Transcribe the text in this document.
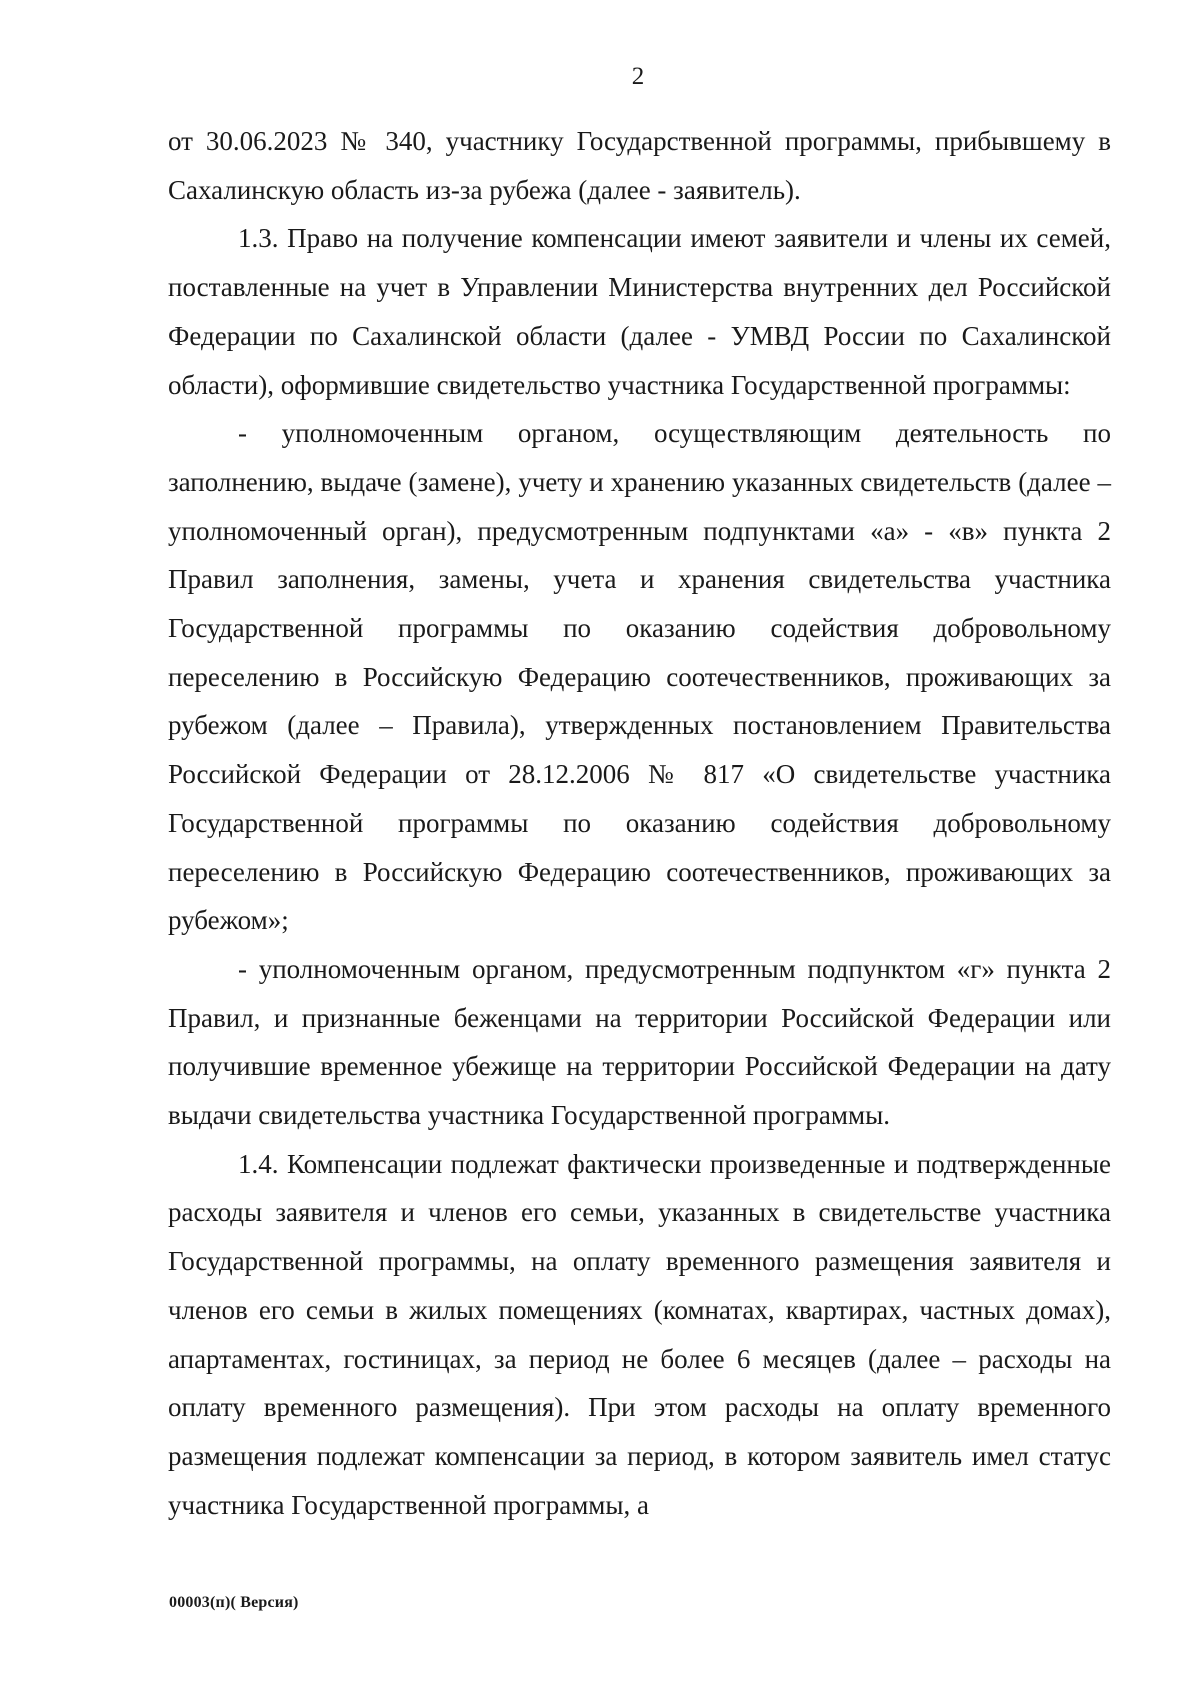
2

от 30.06.2023 № 340, участнику Государственной программы, прибывшему в Сахалинскую область из-за рубежа (далее - заявитель).

1.3. Право на получение компенсации имеют заявители и члены их семей, поставленные на учет в Управлении Министерства внутренних дел Российской Федерации по Сахалинской области (далее - УМВД России по Сахалинской области), оформившие свидетельство участника Государственной программы:

- уполномоченным органом, осуществляющим деятельность по заполнению, выдаче (замене), учету и хранению указанных свидетельств (далее – уполномоченный орган), предусмотренным подпунктами «а» - «в» пункта 2 Правил заполнения, замены, учета и хранения свидетельства участника Государственной программы по оказанию содействия добровольному переселению в Российскую Федерацию соотечественников, проживающих за рубежом (далее – Правила), утвержденных постановлением Правительства Российской Федерации от 28.12.2006 № 817 «О свидетельстве участника Государственной программы по оказанию содействия добровольному переселению в Российскую Федерацию соотечественников, проживающих за рубежом»;

- уполномоченным органом, предусмотренным подпунктом «г» пункта 2 Правил, и признанные беженцами на территории Российской Федерации или получившие временное убежище на территории Российской Федерации на дату выдачи свидетельства участника Государственной программы.

1.4. Компенсации подлежат фактически произведенные и подтвержденные расходы заявителя и членов его семьи, указанных в свидетельстве участника Государственной программы, на оплату временного размещения заявителя и членов его семьи в жилых помещениях (комнатах, квартирах, частных домах), апартаментах, гостиницах, за период не более 6 месяцев (далее – расходы на оплату временного размещения). При этом расходы на оплату временного размещения подлежат компенсации за период, в котором заявитель имел статус участника Государственной программы, а

00003(п)( Версия)
